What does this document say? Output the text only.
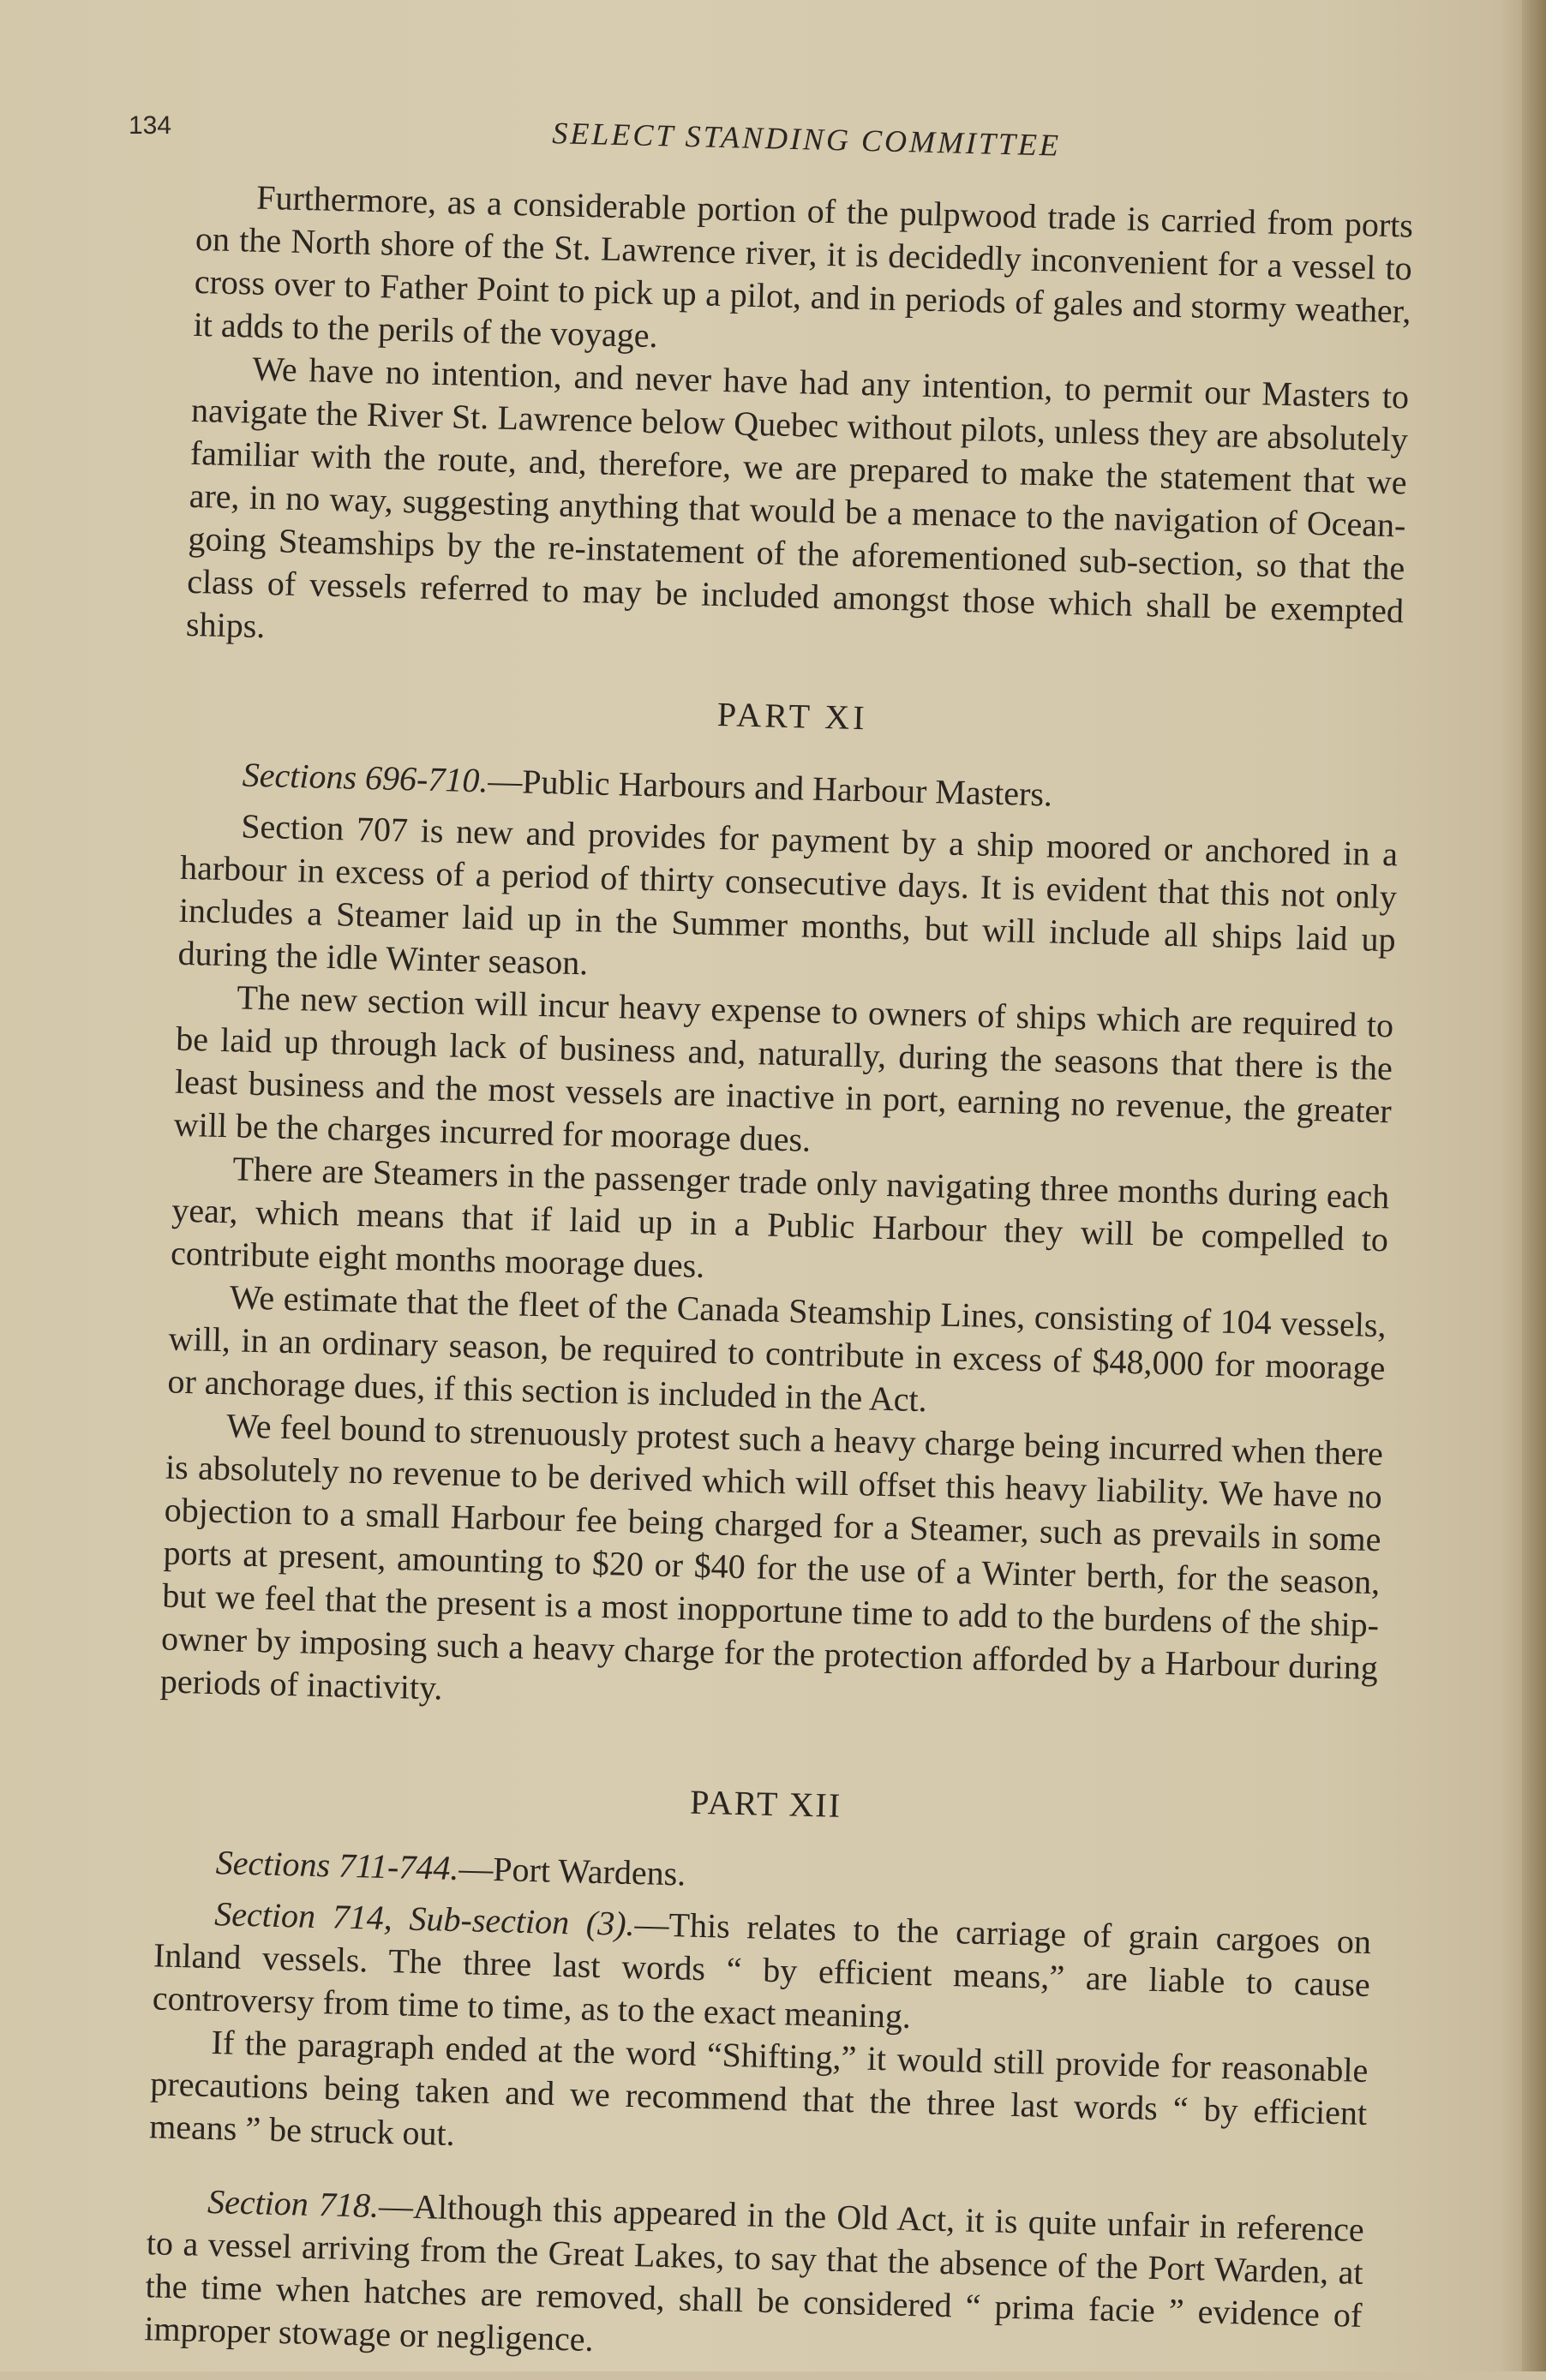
134	SELECT STANDING COMMITTEE

Furthermore, as a considerable portion of the pulpwood trade is carried from ports on the North shore of the St. Lawrence river, it is decidedly inconvenient for a vessel to cross over to Father Point to pick up a pilot, and in periods of gales and stormy weather, it adds to the perils of the voyage.

We have no intention, and never have had any intention, to permit our Masters to navigate the River St. Lawrence below Quebec without pilots, unless they are absolutely familiar with the route, and, therefore, we are prepared to make the statement that we are, in no way, suggesting anything that would be a menace to the navigation of Ocean-going Steamships by the re-instatement of the aforementioned sub-section, so that the class of vessels referred to may be included amongst those which shall be exempted ships.

PART XI
Sections 696-710.—Public Harbours and Harbour Masters.

Section 707 is new and provides for payment by a ship moored or anchored in a harbour in excess of a period of thirty consecutive days. It is evident that this not only includes a Steamer laid up in the Summer months, but will include all ships laid up during the idle Winter season.

The new section will incur heavy expense to owners of ships which are required to be laid up through lack of business and, naturally, during the seasons that there is the least business and the most vessels are inactive in port, earning no revenue, the greater will be the charges incurred for moorage dues.

There are Steamers in the passenger trade only navigating three months during each year, which means that if laid up in a Public Harbour they will be compelled to contribute eight months moorage dues.

We estimate that the fleet of the Canada Steamship Lines, consisting of 104 vessels, will, in an ordinary season, be required to contribute in excess of $48,000 for moorage or anchorage dues, if this section is included in the Act.

We feel bound to strenuously protest such a heavy charge being incurred when there is absolutely no revenue to be derived which will offset this heavy liability. We have no objection to a small Harbour fee being charged for a Steamer, such as prevails in some ports at present, amounting to $20 or $40 for the use of a Winter berth, for the season, but we feel that the present is a most inopportune time to add to the burdens of the ship-owner by imposing such a heavy charge for the protection afforded by a Harbour during periods of inactivity.

PART XII
Sections 711-744.—Port Wardens.

Section 714, Sub-section (3).—This relates to the carriage of grain cargoes on Inland vessels. The three last words “ by efficient means,” are liable to cause controversy from time to time, as to the exact meaning.

If the paragraph ended at the word “Shifting,” it would still provide for reasonable precautions being taken and we recommend that the three last words “ by efficient means ” be struck out.

Section 718.—Although this appeared in the Old Act, it is quite unfair in reference to a vessel arriving from the Great Lakes, to say that the absence of the Port Warden, at the time when hatches are removed, shall be considered “ prima facie ” evidence of improper stowage or negligence.
